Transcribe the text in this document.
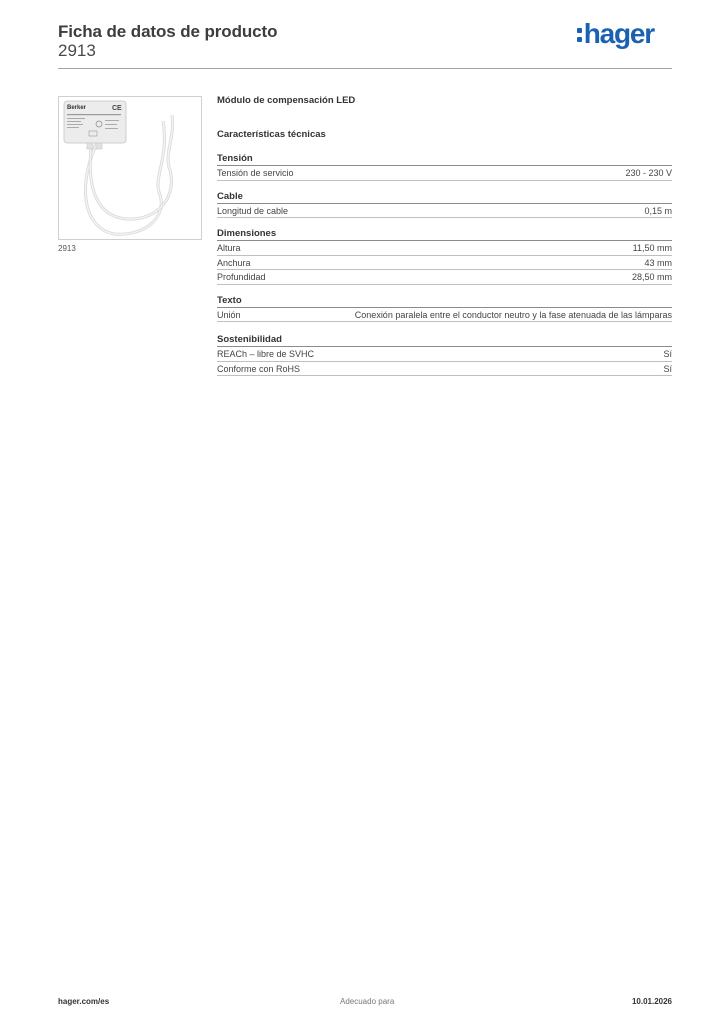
Ficha de datos de producto
2913
hager
Berker	CE
2913
Módulo de compensación LED
Características técnicas
Tensión
Tensión de servicio	230 - 230 V
Cable
Longitud de cable	0,15 m
Dimensiones
Altura	11,50 mm
Anchura	43 mm
Profundidad	28,50 mm
Texto
Unión	Conexión paralela entre el conductor neutro y la fase atenuada de las lámparas
Sostenibilidad
REACh – libre de SVHC	Sí
Conforme con RoHS	Sí
hager.com/es	Adecuado para	10.01.2026
